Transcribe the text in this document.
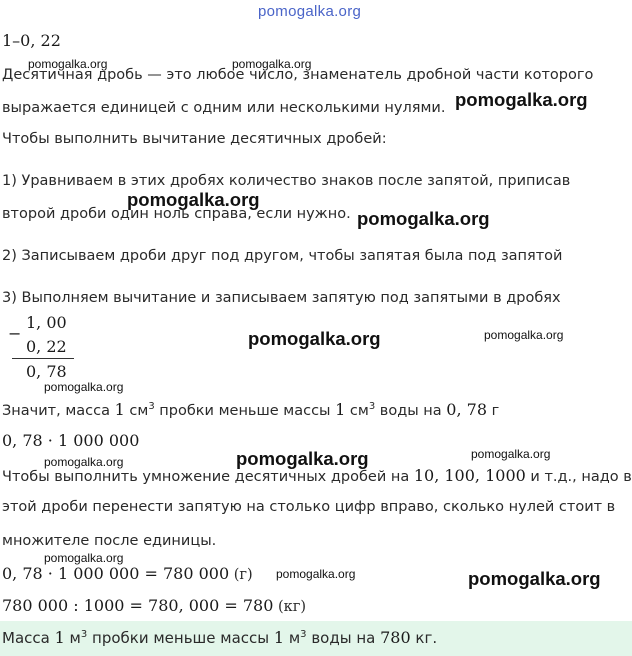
pomogalka.org
1–0, 22
pomogalka.org	pomogalka.org
Десятичная дробь — это любое число, знаменатель дробной части которого
выражается единицей с одним или несколькими нулями. pomogalka.org
Чтобы выполнить вычитание десятичных дробей:
1) Уравниваем в этих дробях количество знаков после запятой, приписав
pomogalka.org
второй дроби один ноль справа, если нужно. pomogalka.org
2) Записываем дроби друг под другом, чтобы запятая была под запятой
3) Выполняем вычитание и записываем запятую под запятыми в дробях
−
1, 00
0, 22
0, 78
pomogalka.org	pomogalka.org
pomogalka.org
Значит, масса 1 $см^3$ пробки меньше массы 1 $см^3$ воды на 0, 78 г
0, 78 · 1 000 000
pomogalka.org	pomogalka.org
pomogalka.org
Чтобы выполнить умножение десятичных дробей на 10, 100, 1000 и т.д., надо в
этой дроби перенести запятую на столько цифр вправо, сколько нулей стоит в
множителе после единицы.
pomogalka.org
0, 78 · 1 000 000 = 780 000 (г) pomogalka.org	pomogalka.org
780 000 : 1000 = 780, 000 = 780 (кг)
Масса 1 $м^3$ пробки меньше массы 1 $м^3$ воды на 780 кг.
